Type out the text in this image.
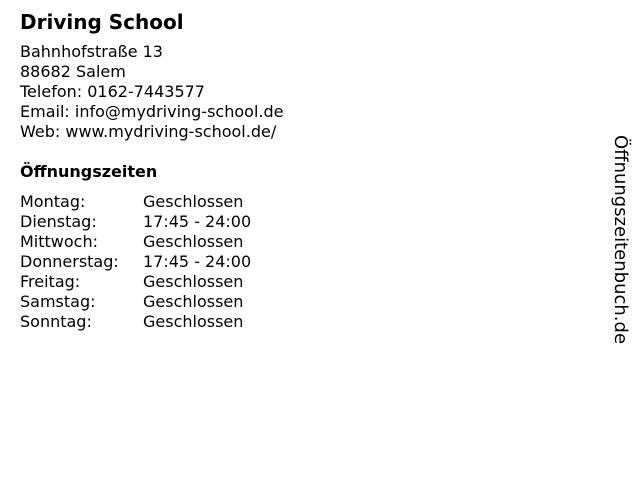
Driving School
Bahnhofstraße 13
88682 Salem
Telefon: 0162-7443577
Email: info@mydriving-school.de
Web: www.mydriving-school.de/
Öffnungszeiten
Montag:	Geschlossen
Dienstag:	17:45 - 24:00
Mittwoch:	Geschlossen
Donnerstag:	17:45 - 24:00
Freitag:	Geschlossen
Samstag:	Geschlossen
Sonntag:	Geschlossen	Öffnungszeitenbuch.de
